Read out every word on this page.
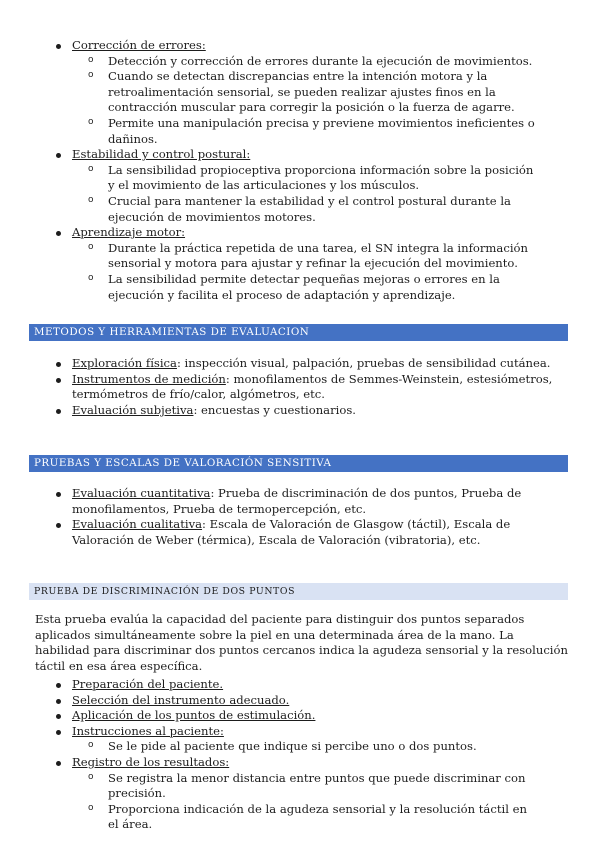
Corrección de errores:
o Detección y corrección de errores durante la ejecución de movimientos.
o Cuando se detectan discrepancias entre la intención motora y la retroalimentación sensorial, se pueden realizar ajustes finos en la contracción muscular para corregir la posición o la fuerza de agarre.
o Permite una manipulación precisa y previene movimientos ineficientes o dañinos.
Estabilidad y control postural:
o La sensibilidad propioceptiva proporciona información sobre la posición y el movimiento de las articulaciones y los músculos.
o Crucial para mantener la estabilidad y el control postural durante la ejecución de movimientos motores.
Aprendizaje motor:
o Durante la práctica repetida de una tarea, el SN integra la información sensorial y motora para ajustar y refinar la ejecución del movimiento.
o La sensibilidad permite detectar pequeñas mejoras o errores en la ejecución y facilita el proceso de adaptación y aprendizaje.
METODOS Y HERRAMIENTAS DE EVALUACION
Exploración física: inspección visual, palpación, pruebas de sensibilidad cutánea.
Instrumentos de medición: monofilamentos de Semmes-Weinstein, estesiómetros, termómetros de frío/calor, algómetros, etc.
Evaluación subjetiva: encuestas y cuestionarios.
PRUEBAS Y ESCALAS DE VALORACIÓN SENSITIVA
Evaluación cuantitativa: Prueba de discriminación de dos puntos, Prueba de monofilamentos, Prueba de termopercepción, etc.
Evaluación cualitativa: Escala de Valoración de Glasgow (táctil), Escala de Valoración de Weber (térmica), Escala de Valoración (vibratoria), etc.
PRUEBA DE DISCRIMINACIÓN DE DOS PUNTOS

Esta prueba evalúa la capacidad del paciente para distinguir dos puntos separados aplicados simultáneamente sobre la piel en una determinada área de la mano. La habilidad para discriminar dos puntos cercanos indica la agudeza sensorial y la resolución táctil en esa área específica.

Preparación del paciente.
Selección del instrumento adecuado.
Aplicación de los puntos de estimulación.
Instrucciones al paciente:
o Se le pide al paciente que indique si percibe uno o dos puntos.
Registro de los resultados:
o Se registra la menor distancia entre puntos que puede discriminar con precisión.
o Proporciona indicación de la agudeza sensorial y la resolución táctil en el área.
